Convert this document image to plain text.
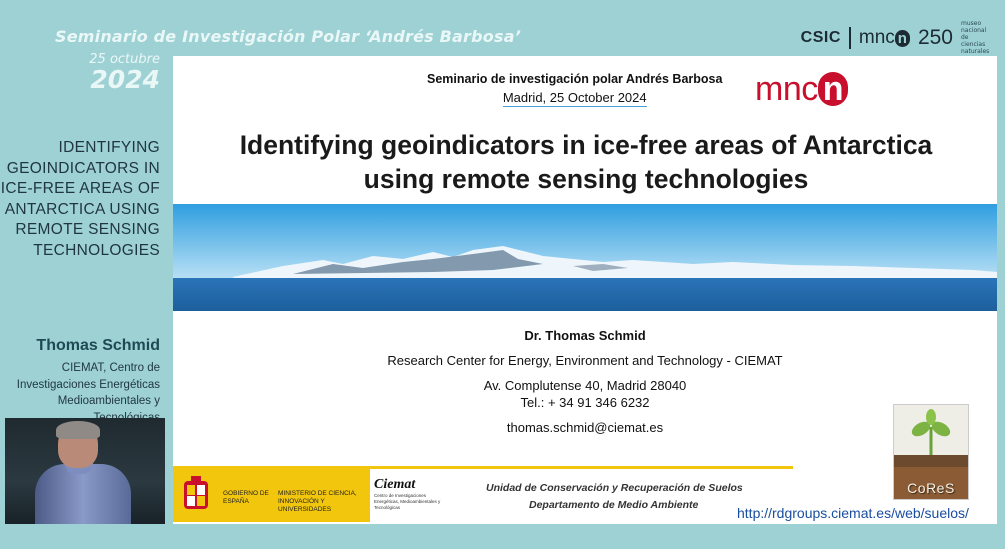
Seminario de Investigación Polar ‘Andrés Barbosa’	CSIC mnc n 250
museo nacional de ciencias naturales
25 octubre
2024
IDENTIFYING GEOINDICATORS IN ICE-FREE AREAS OF ANTARCTICA USING REMOTE SENSING TECHNOLOGIES
Thomas Schmid
CIEMAT, Centro de Investigaciones Energéticas Medioambientales y
Seminario de investigación polar Andrés Barbosa
Madrid, 25 October 2024	mnc n
Identifying geoindicators in ice-free areas of Antarctica using remote sensing technologies
Dr. Thomas Schmid
Research Center for Energy, Environment and Technology - CIEMAT
Av. Complutense 40, Madrid 28040
Tel.: + 34 91 346 6232
thomas.schmid@ciemat.es
GOBIERNO DE ESPAÑA
MINISTERIO DE CIENCIA, INNOVACIÓN Y UNIVERSIDADES
Ciemat
Centro de Investigaciones Energéticas, Medioambientales y Tecnológicas
Unidad de Conservación y Recuperación de Suelos
Departamento de Medio Ambiente
CoReS
http://rdgroups.ciemat.es/web/suelos/
